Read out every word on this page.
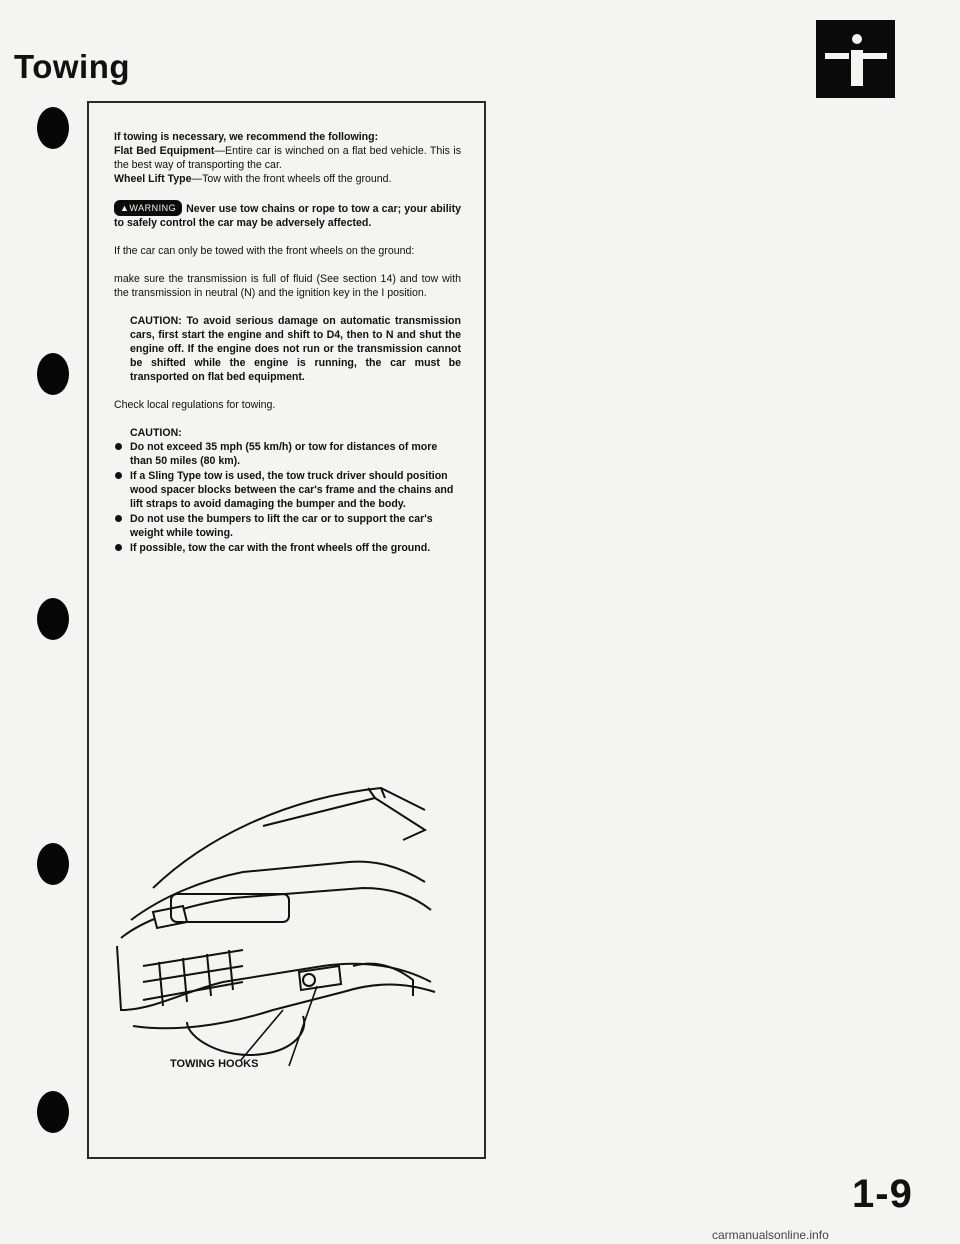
Towing

If towing is necessary, we recommend the following:
Flat Bed Equipment—Entire car is winched on a flat bed vehicle. This is the best way of transporting the car.
Wheel Lift Type—Tow with the front wheels off the ground.

▲WARNING Never use tow chains or rope to tow a car; your ability to safely control the car may be adversely affected.

If the car can only be towed with the front wheels on the ground:

make sure the transmission is full of fluid (See section 14) and tow with the transmission in neutral (N) and the ignition key in the I position.

CAUTION: To avoid serious damage on automatic transmission cars, first start the engine and shift to D4, then to N and shut the engine off. If the engine does not run or the transmission cannot be shifted while the engine is running, the car must be transported on flat bed equipment.

Check local regulations for towing.

CAUTION:
Do not exceed 35 mph (55 km/h) or tow for distances of more than 50 miles (80 km).
If a Sling Type tow is used, the tow truck driver should position wood spacer blocks between the car's frame and the chains and lift straps to avoid damaging the bumper and the body.
Do not use the bumpers to lift the car or to support the car's weight while towing.
If possible, tow the car with the front wheels off the ground.
TOWING HOOKS
1-9
carmanualsonline.info
